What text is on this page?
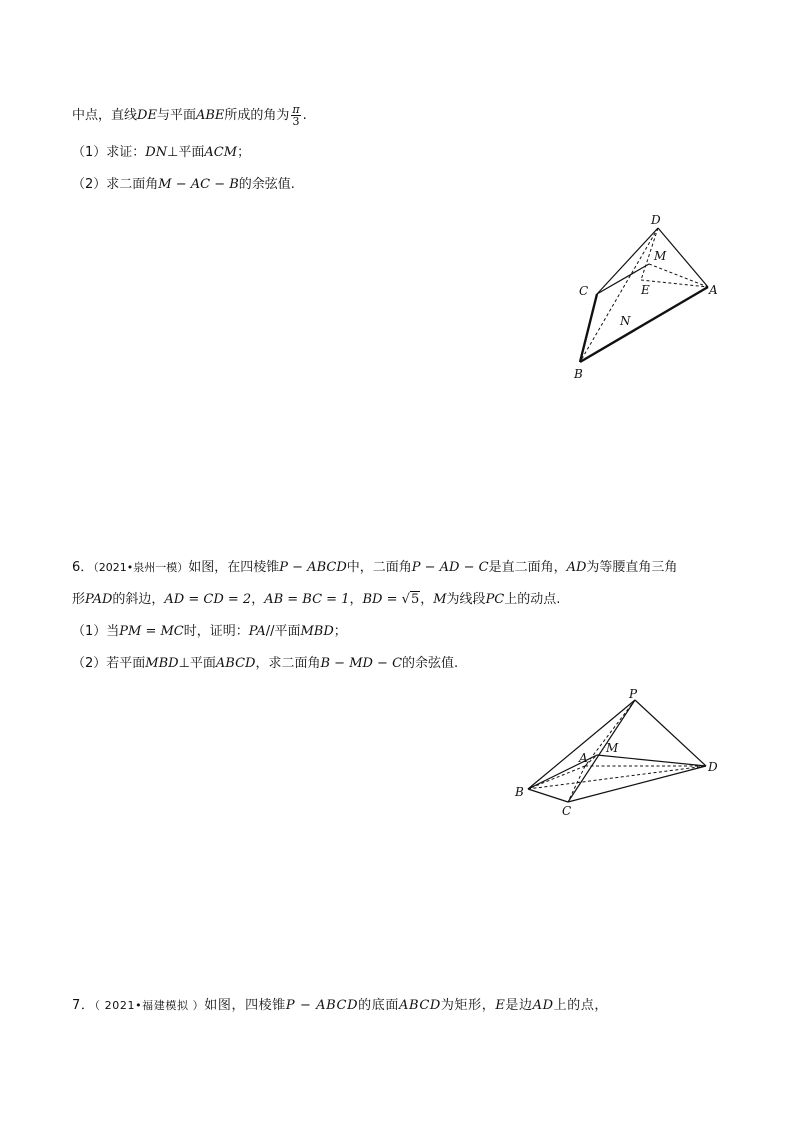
中点，直线DE与平面ABE所成的角为 $\frac{\pi}{3}$ .
（1）求证：DN⊥平面ACM；
（2）求二面角M − AC − B的余弦值.
D
M
C	E	A
N
B
6．（2021•泉州一模）如图，在四棱锥P − ABCD中，二面角P − AD − C是直二面角，AD为等腰直角三角
形PAD的斜边，AD = CD = 2，AB = BC = 1，BD = √5，M为线段PC上的动点.
（1）当PM = MC时，证明：PA//平面MBD；
（2）若平面MBD⊥平面ABCD，求二面角B − MD − C的余弦值.
P
M
A
D
B
C
7．（ 2021•福建模拟 ）如图，四棱锥P − ABCD的底面ABCD为矩形，E是边AD上的点，
